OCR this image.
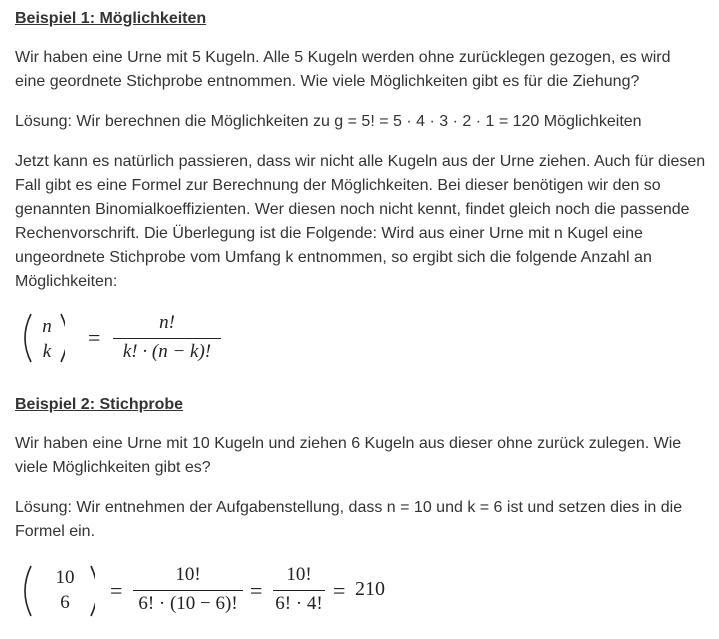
Beispiel 1: Möglichkeiten

Wir haben eine Urne mit 5 Kugeln. Alle 5 Kugeln werden ohne zurücklegen gezogen, es wird eine geordnete Stichprobe entnommen. Wie viele Möglichkeiten gibt es für die Ziehung?

Lösung: Wir berechnen die Möglichkeiten zu g = 5! = 5 · 4 · 3 · 2 · 1 = 120 Möglichkeiten

Jetzt kann es natürlich passieren, dass wir nicht alle Kugeln aus der Urne ziehen. Auch für diesen Fall gibt es eine Formel zur Berechnung der Möglichkeiten. Bei dieser benötigen wir den so genannten Binomialkoeffizienten. Wer diesen noch nicht kennt, findet gleich noch die passende Rechenvorschrift. Die Überlegung ist die Folgende: Wird aus einer Urne mit n Kugel eine ungeordnete Stichprobe vom Umfang k entnommen, so ergibt sich die folgende Anzahl an Möglichkeiten:

n
k
=
n!
k! · (n − k)!
Beispiel 2: Stichprobe

Wir haben eine Urne mit 10 Kugeln und ziehen 6 Kugeln aus dieser ohne zurück zulegen. Wie viele Möglichkeiten gibt es?

Lösung: Wir entnehmen der Aufgabenstellung, dass n = 10 und k = 6 ist und setzen dies in die Formel ein.

10
6	=
10!
6! · (10 − 6)!
=
10!
6! · 4!
= 210
